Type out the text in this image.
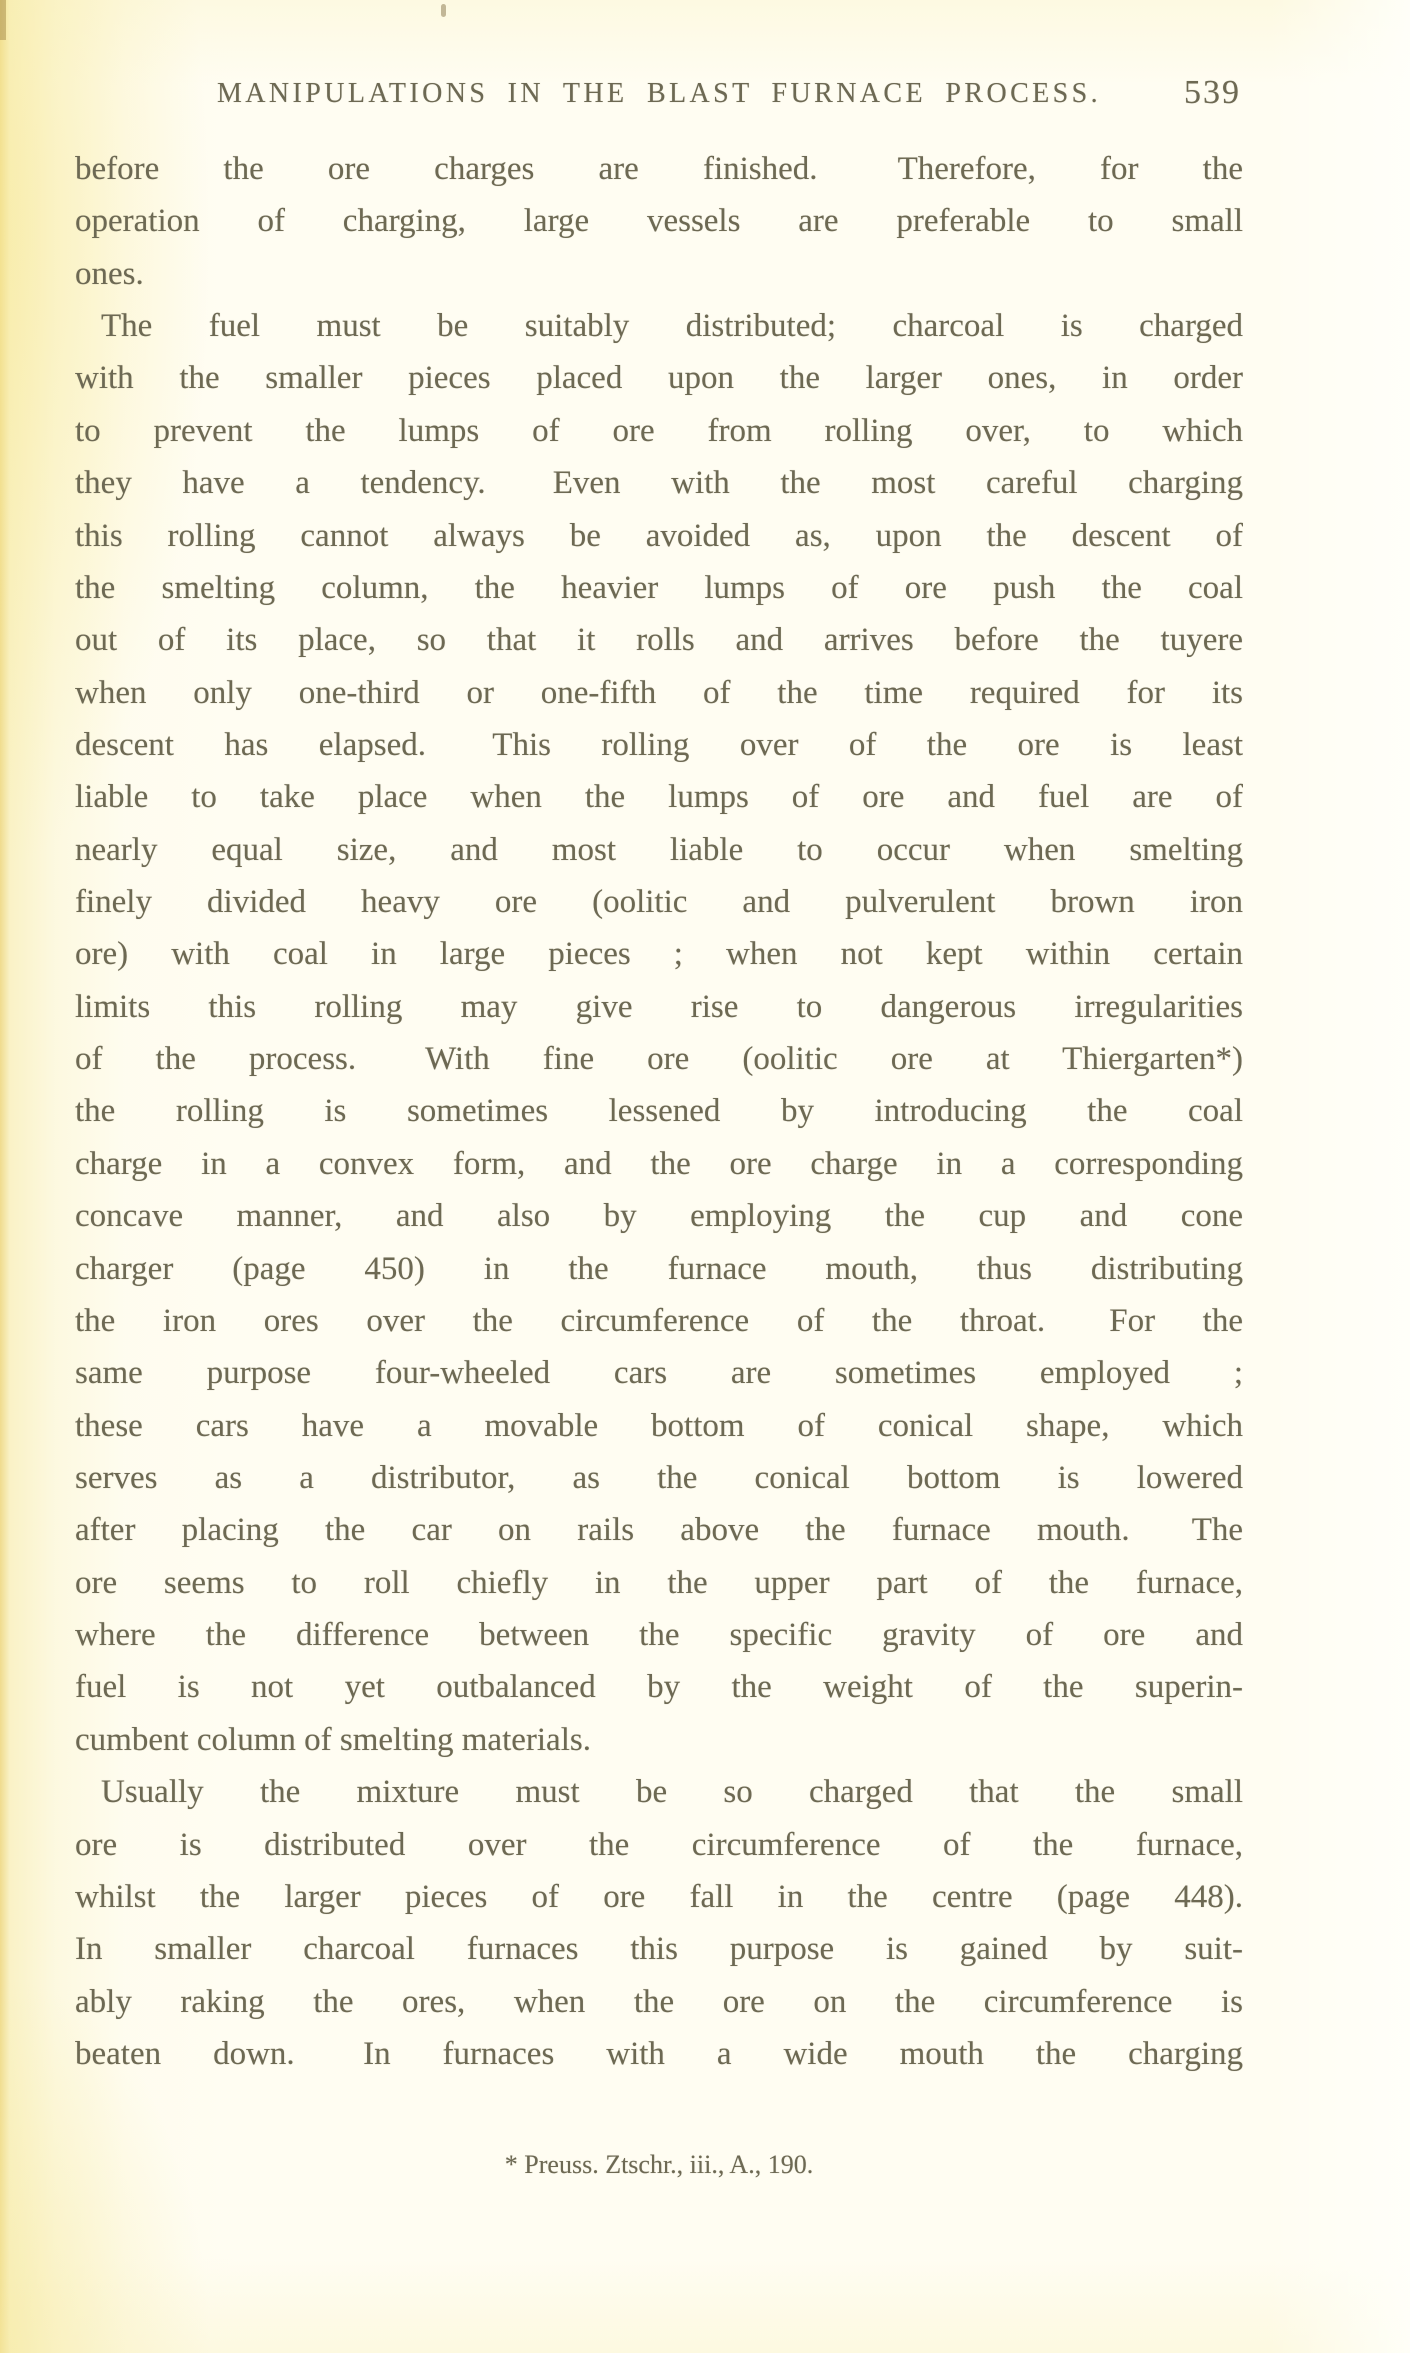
MANIPULATIONS IN THE BLAST FURNACE PROCESS. 539
before the ore charges are finished.  Therefore, for the
operation of charging, large vessels are preferable to small
ones.
The fuel must be suitably distributed; charcoal is charged
with the smaller pieces placed upon the larger ones, in order
to prevent the lumps of ore from rolling over, to which
they have a tendency.  Even with the most careful charging
this rolling cannot always be avoided as, upon the descent of
the smelting column, the heavier lumps of ore push the coal
out of its place, so that it rolls and arrives before the tuyere
when only one-third or one-fifth of the time required for its
descent has elapsed.  This rolling over of the ore is least
liable to take place when the lumps of ore and fuel are of
nearly equal size, and most liable to occur when smelting
finely divided heavy ore (oolitic and pulverulent brown iron
ore) with coal in large pieces ; when not kept within certain
limits this rolling may give rise to dangerous irregularities
of the process.  With fine ore (oolitic ore at Thiergarten*)
the rolling is sometimes lessened by introducing the coal
charge in a convex form, and the ore charge in a corresponding
concave manner, and also by employing the cup and cone
charger (page 450) in the furnace mouth, thus distributing
the iron ores over the circumference of the throat.  For the
same purpose four-wheeled cars are sometimes employed ;
these cars have a movable bottom of conical shape, which
serves as a distributor, as the conical bottom is lowered
after placing the car on rails above the furnace mouth.  The
ore seems to roll chiefly in the upper part of the furnace,
where the difference between the specific gravity of ore and
fuel is not yet outbalanced by the weight of the superin-
cumbent column of smelting materials.
Usually the mixture must be so charged that the small
ore is distributed over the circumference of the furnace,
whilst the larger pieces of ore fall in the centre (page 448).
In smaller charcoal furnaces this purpose is gained by suit-
ably raking the ores, when the ore on the circumference is
beaten down.  In furnaces with a wide mouth the charging
* Preuss. Ztschr., iii., A., 190.
